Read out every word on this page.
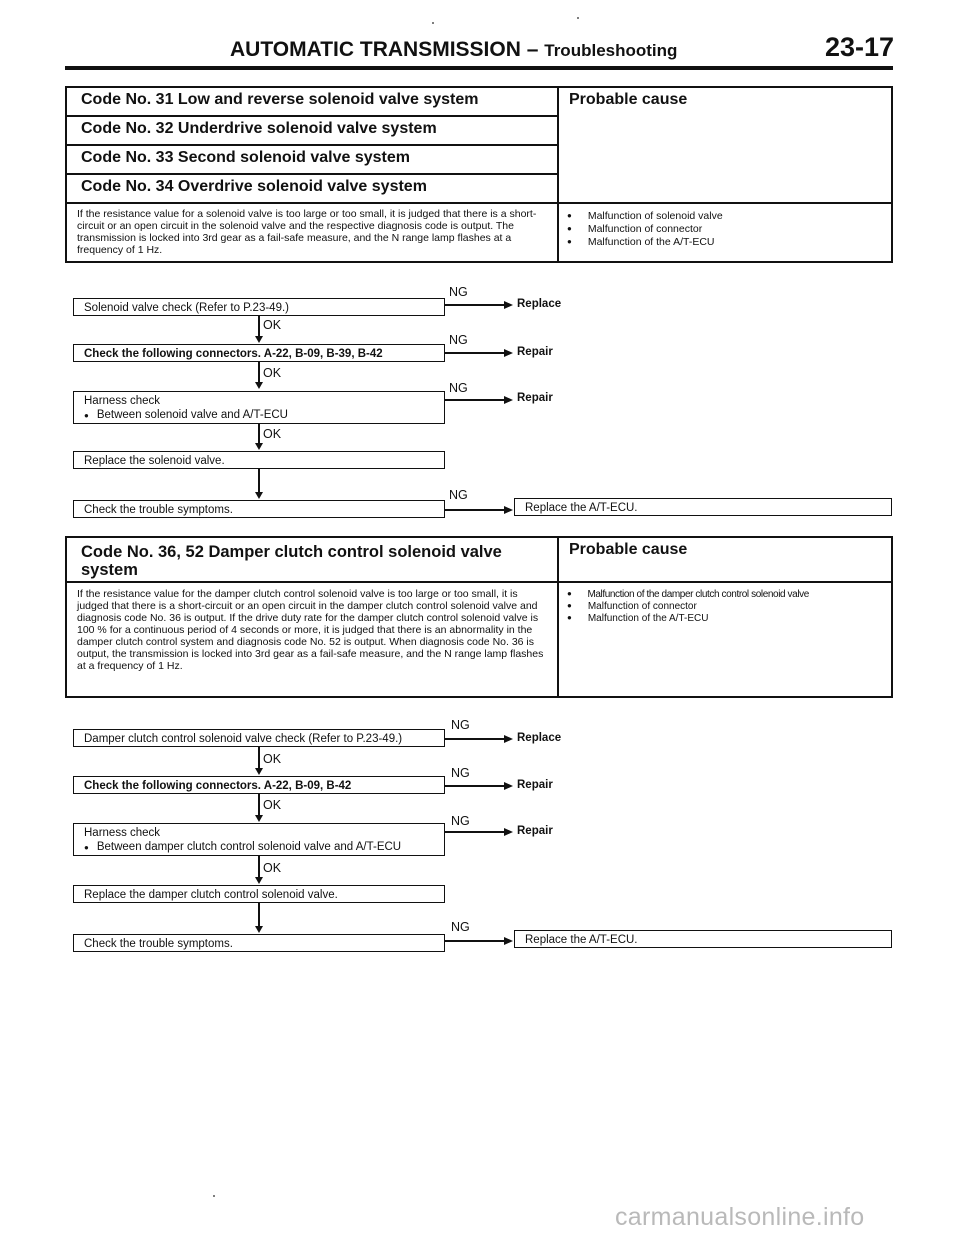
AUTOMATIC TRANSMISSION – Troubleshooting	23-17
Code No. 31 Low and reverse solenoid valve system
Code No. 32 Underdrive solenoid valve system
Code No. 33 Second solenoid valve system
Code No. 34 Overdrive solenoid valve system
Probable cause
If the resistance value for a solenoid valve is too large or too small, it is judged that there is a short-circuit or an open circuit in the solenoid valve and the respective diagnosis code is output. The transmission is locked into 3rd gear as a fail-safe measure, and the N range lamp flashes at a frequency of 1 Hz.
● Malfunction of solenoid valve
● Malfunction of connector
● Malfunction of the A/T-ECU
Solenoid valve check (Refer to P.23-49.)
NG
Replace
OK
Check the following connectors. A-22, B-09, B-39, B-42
NG
Repair
OK
Harness check
● Between solenoid valve and A/T-ECU
NG
Repair
OK
Replace the solenoid valve.
Check the trouble symptoms.
NG
Replace the A/T-ECU.
Code No. 36, 52 Damper clutch control solenoid valve system
Probable cause
If the resistance value for the damper clutch control solenoid valve is too large or too small, it is judged that there is a short-circuit or an open circuit in the damper clutch control solenoid valve and diagnosis code No. 36 is output. If the drive duty rate for the damper clutch control solenoid valve is 100 % for a continuous period of 4 seconds or more, it is judged that there is an abnormality in the damper clutch control system and diagnosis code No. 52 is output. When diagnosis code No. 36 is output, the transmission is locked into 3rd gear as a fail-safe measure, and the N range lamp flashes at a frequency of 1 Hz.
● Malfunction of the damper clutch control solenoid valve
● Malfunction of connector
● Malfunction of the A/T-ECU
Damper clutch control solenoid valve check (Refer to P.23-49.)
NG
Replace
OK
Check the following connectors. A-22, B-09, B-42
NG
Repair
OK
Harness check
● Between damper clutch control solenoid valve and A/T-ECU
NG
Repair
OK
Replace the damper clutch control solenoid valve.
Check the trouble symptoms.
NG
Replace the A/T-ECU.
carmanualsonline.info
